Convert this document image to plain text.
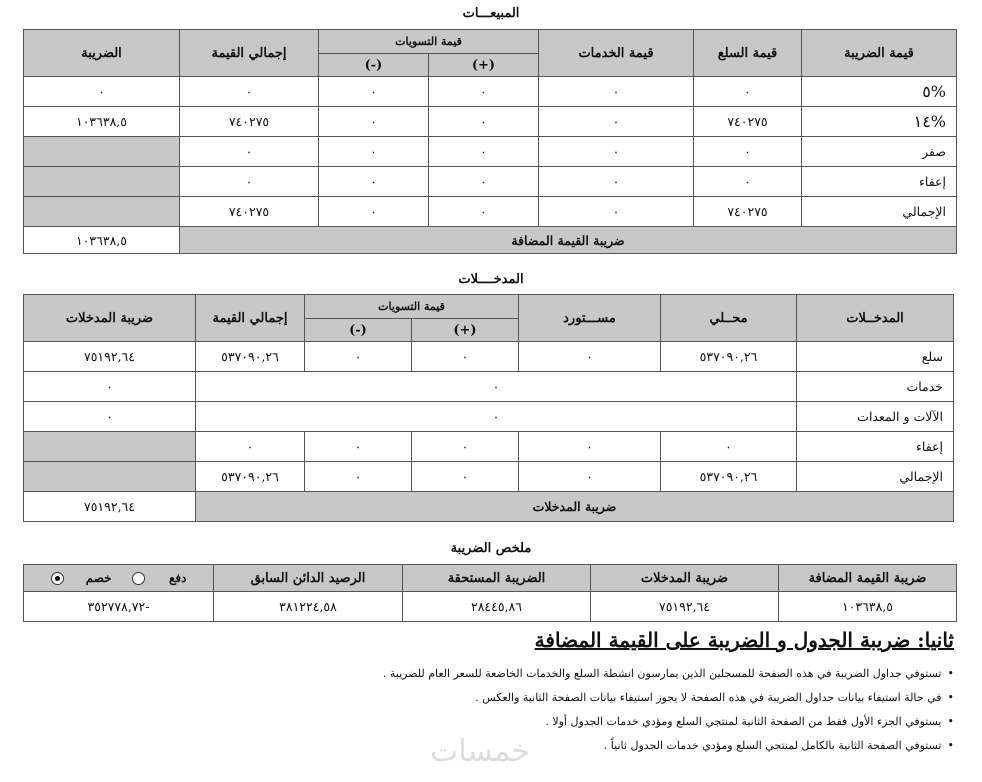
المبيعـــات
قيمة الضريبة	قيمة السلع	قيمة الخدمات	قيمة التسويات		إجمالي القيمة	الضريبة
			(+)	(-)		
%٥	٠	٠	٠	٠	٠	٠
%١٤	٧٤٠٢٧٥	٠	٠	٠	٧٤٠٢٧٥	١٠٣٦٣٨,٥
صفر	٠	٠	٠	٠	٠	
إعفاء	٠	٠	٠	٠	٠	
الإجمالي	٧٤٠٢٧٥	٠	٠	٠	٧٤٠٢٧٥	
ضريبة القيمة المضافة						١٠٣٦٣٨,٥
المدخــــلات
المدخــلات	محــلي	مســـتورد	قيمة التسويات		إجمالي القيمة	ضريبة المدخلات
			(+)	(-)		
سلع	٥٣٧٠٩٠,٢٦	٠	٠	٠	٥٣٧٠٩٠,٢٦	٧٥١٩٢,٦٤
خدمات	٠					٠
الآلات و المعدات	٠					٠
إعفاء	٠	٠	٠	٠	٠	
الإجمالي	٥٣٧٠٩٠,٢٦	٠	٠	٠	٥٣٧٠٩٠,٢٦	
ضريبة المدخلات						٧٥١٩٢,٦٤
ملخص الضريبة
ضريبة القيمة المضافة	ضريبة المدخلات	الضريبة المستحقة	الرصيد الدائن السابق	دفع  خصم
١٠٣٦٣٨,٥	٧٥١٩٢,٦٤	٢٨٤٤٥,٨٦	٣٨١٢٢٤,٥٨	-٣٥٢٧٧٨,٧٢
ثانيا: ضريبة الجدول و الضريبة على القيمة المضافة
• تستوفي جداول الضريبة في هذه الصفحة للمسجلين الذين يمارسون انشطة السلع والخدمات الخاضعة للسعر العام للضريبة .
• في حالة استيفاء بيانات جداول الضريبة في هذه الصفحة لا يجوز استيفاء بيانات الصفحة الثانية والعكس .
• يستوفي الجزء الأول فقط من الصفحة الثانية لمنتجي السلع ومؤدي خدمات الجدول أولا .
• تستوفي الصفحة الثانية بالكامل لمنتجي السلع ومؤدي خدمات الجدول ثانياً .
خمسات
